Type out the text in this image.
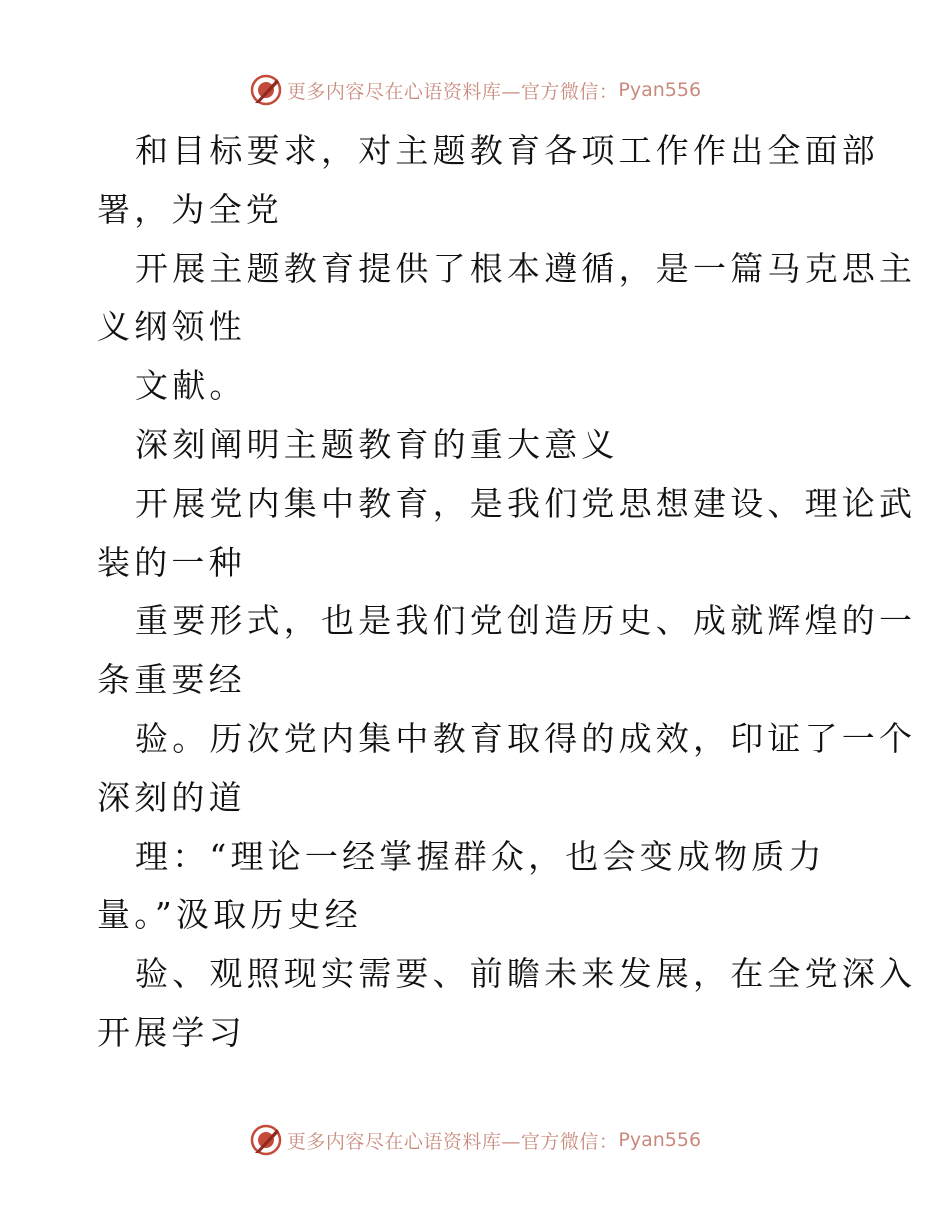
更多内容尽在心语资料库—官方微信： Pyan556
和目标要求，对主题教育各项工作作出全面部
署，为全党
开展主题教育提供了根本遵循，是一篇马克思主
义纲领性
文献。
深刻阐明主题教育的重大意义
开展党内集中教育，是我们党思想建设、理论武
装的一种
重要形式，也是我们党创造历史、成就辉煌的一
条重要经
验。历次党内集中教育取得的成效，印证了一个
深刻的道
理：“理论一经掌握群众，也会变成物质力
量。”汲取历史经
验、观照现实需要、前瞻未来发展，在全党深入
开展学习
更多内容尽在心语资料库—官方微信： Pyan556
